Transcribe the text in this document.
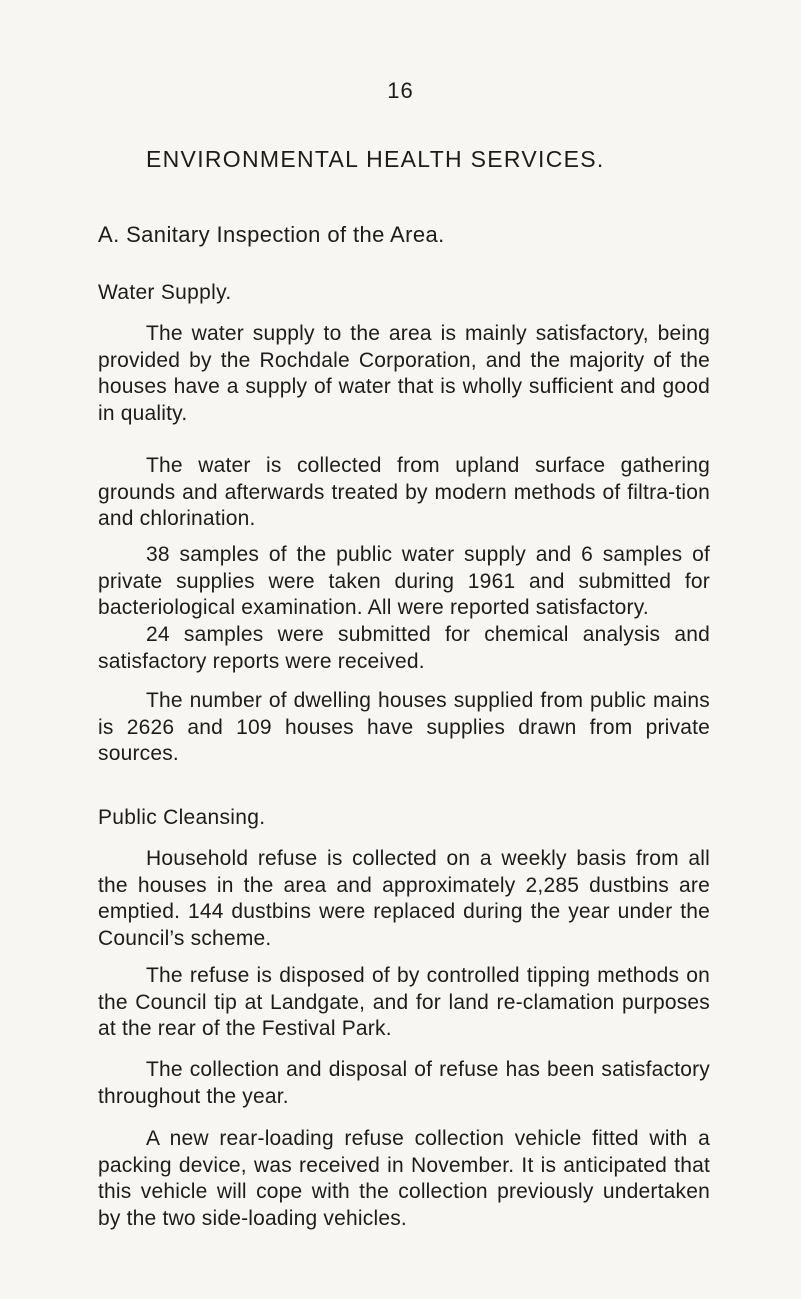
16
ENVIRONMENTAL HEALTH SERVICES.
A. Sanitary Inspection of the Area.
Water Supply.

The water supply to the area is mainly satisfactory, being provided by the Rochdale Corporation, and the majority of the houses have a supply of water that is wholly sufficient and good in quality.

The water is collected from upland surface gathering grounds and afterwards treated by modern methods of filtra-tion and chlorination.

38 samples of the public water supply and 6 samples of private supplies were taken during 1961 and submitted for bacteriological examination. All were reported satisfactory.

24 samples were submitted for chemical analysis and satisfactory reports were received.

The number of dwelling houses supplied from public mains is 2626 and 109 houses have supplies drawn from private sources.

Public Cleansing.

Household refuse is collected on a weekly basis from all the houses in the area and approximately 2,285 dustbins are emptied. 144 dustbins were replaced during the year under the Council’s scheme.

The refuse is disposed of by controlled tipping methods on the Council tip at Landgate, and for land re-clamation purposes at the rear of the Festival Park.

The collection and disposal of refuse has been satisfactory throughout the year.

A new rear-loading refuse collection vehicle fitted with a packing device, was received in November. It is anticipated that this vehicle will cope with the collection previously undertaken by the two side-loading vehicles.
